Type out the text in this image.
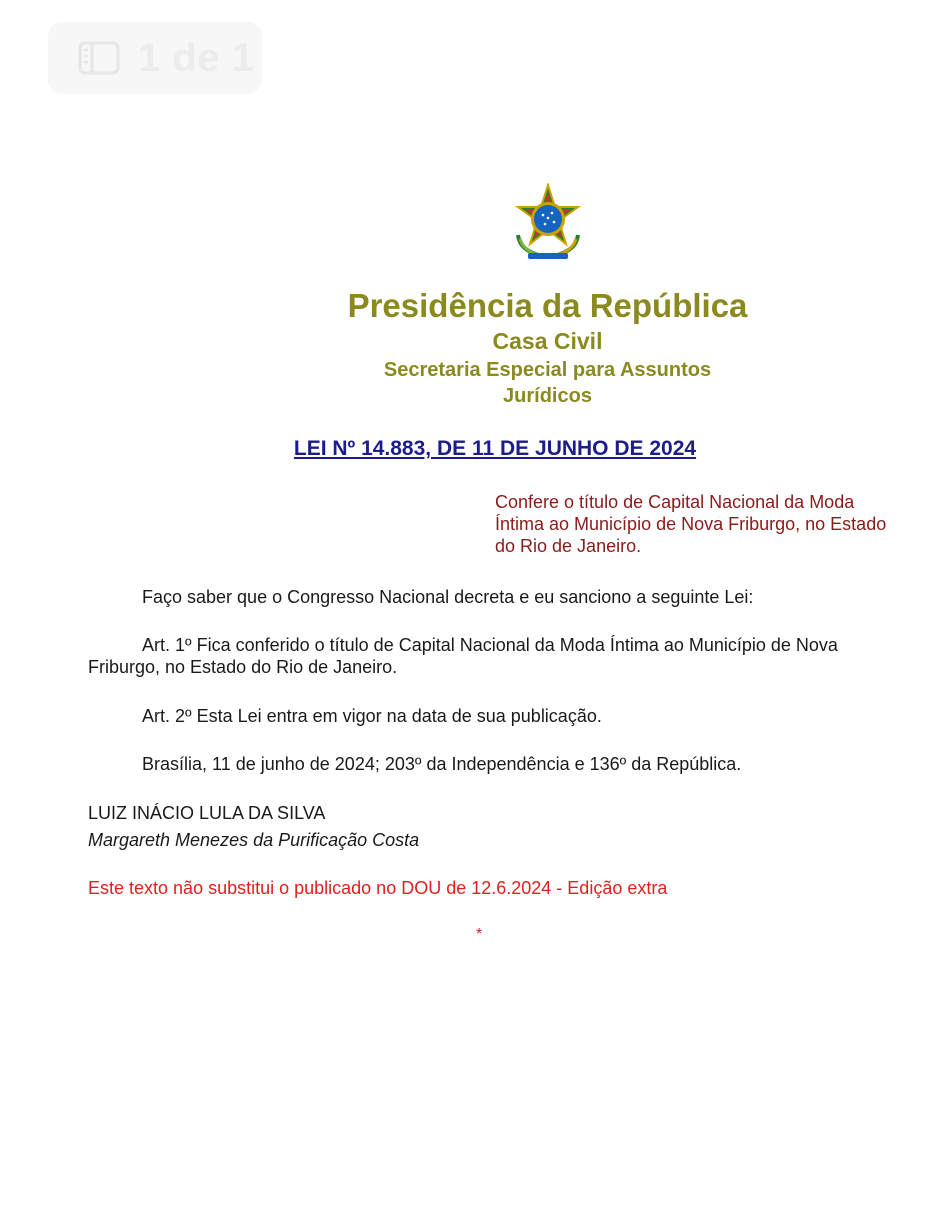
1 de 1
Presidência da República
Casa Civil
Secretaria Especial para Assuntos Jurídicos
LEI Nº 14.883, DE 11 DE JUNHO DE 2024
Confere o título de Capital Nacional da Moda Íntima ao Município de Nova Friburgo, no Estado do Rio de Janeiro.
Faço saber que o Congresso Nacional decreta e eu sanciono a seguinte Lei:
Art. 1º Fica conferido o título de Capital Nacional da Moda Íntima ao Município de Nova Friburgo, no Estado do Rio de Janeiro.
Art. 2º Esta Lei entra em vigor na data de sua publicação.
Brasília, 11 de junho de 2024; 203º da Independência e 136º da República.
LUIZ INÁCIO LULA DA SILVA
Margareth Menezes da Purificação Costa
Este texto não substitui o publicado no DOU de 12.6.2024 - Edição extra
*
